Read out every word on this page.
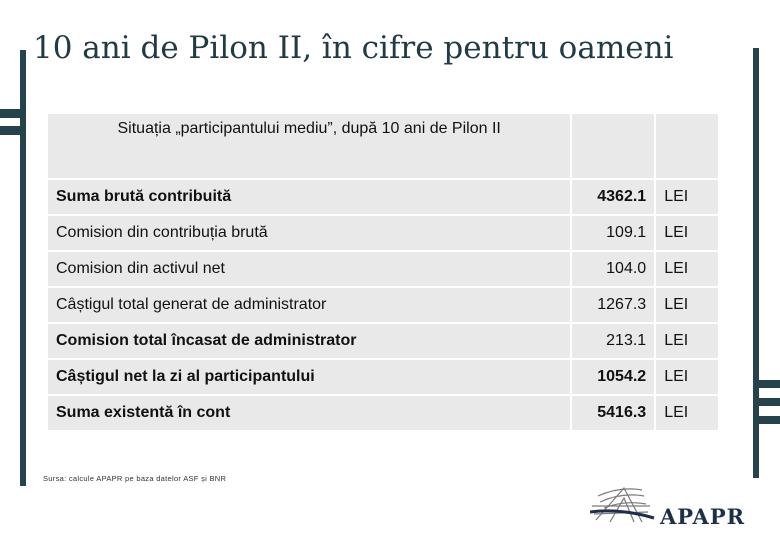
10 ani de Pilon II, în cifre pentru oameni
Situația „participantului mediu”, după 10 ani de Pilon II		
Suma brută contribuită	4362.1	LEI
Comision din contribuția brută	109.1	LEI
Comision din activul net	104.0	LEI
Câștigul total generat de administrator	1267.3	LEI
Comision total încasat de administrator	213.1	LEI
Câștigul net la zi al participantului	1054.2	LEI
Suma existentă în cont	5416.3	LEI
Sursa: calcule APAPR pe baza datelor ASF și BNR
APAPR
